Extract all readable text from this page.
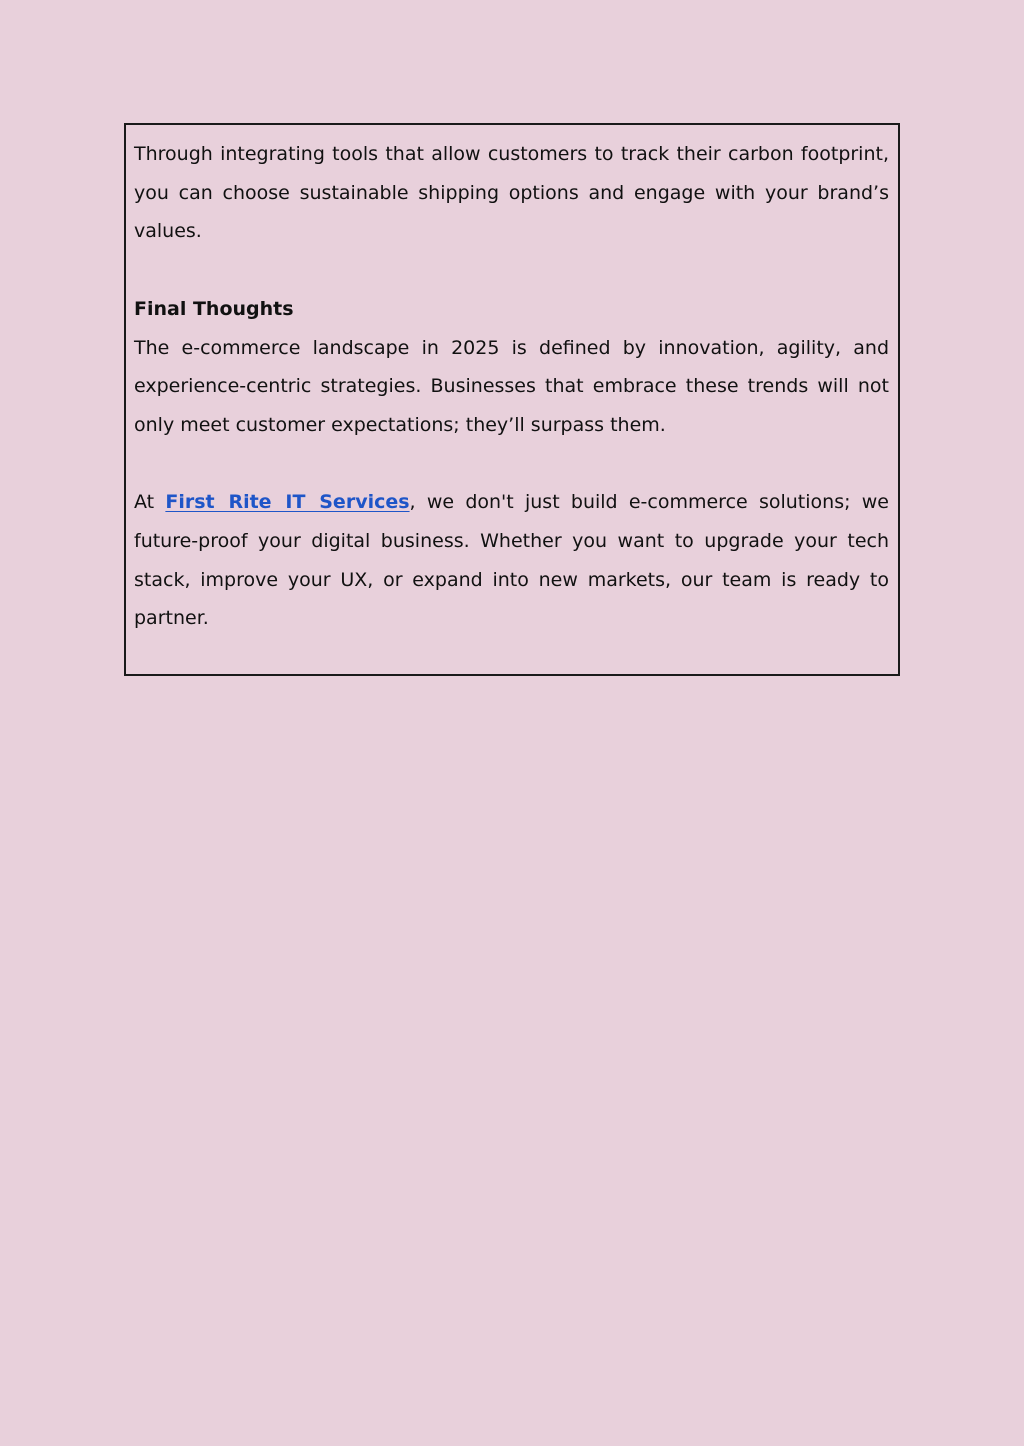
Through integrating tools that allow customers to track their carbon footprint, you can choose sustainable shipping options and engage with your brand’s values.

Final Thoughts

The e-commerce landscape in 2025 is defined by innovation, agility, and experience-centric strategies. Businesses that embrace these trends will not only meet customer expectations; they’ll surpass them.

At First Rite IT Services, we don't just build e-commerce solutions; we future-proof your digital business. Whether you want to upgrade your tech stack, improve your UX, or expand into new markets, our team is ready to partner.
